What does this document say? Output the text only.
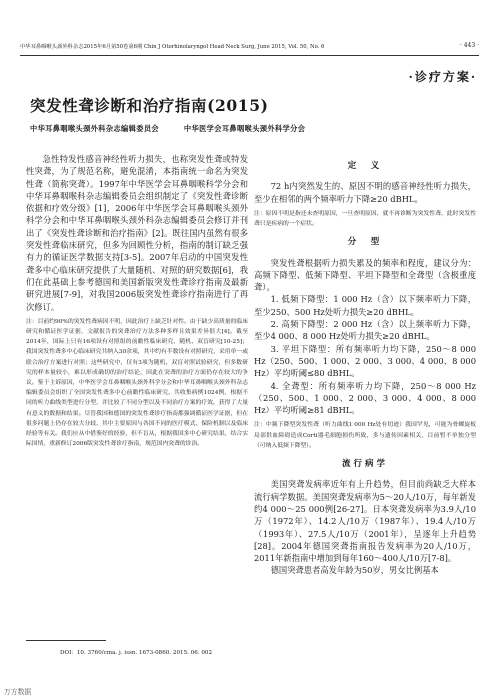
中华耳鼻咽喉头颈外科杂志2015年6月第50卷第6期 Chin J Otorhinolaryngol Head Neck Surg, June 2015, Vol. 50, No. 6	· 443 ·
·诊疗方案·
突发性聋诊断和治疗指南(2015)
中华耳鼻咽喉头颈外科杂志编辑委员会	中华医学会耳鼻咽喉头颈外科学分会

急性特发性感音神经性听力损失，也称突发性聋或特发性突聋，为了规范名称，避免混淆，本指南统一命名为突发性聋（简称突聋）。1997年中华医学会耳鼻咽喉科学分会和中华耳鼻咽喉科杂志编辑委员会组织制定了《突发性聋诊断依据和疗效分级》[1]，2006年中华医学会耳鼻咽喉头颈外科学分会和中华耳鼻咽喉头颈外科杂志编辑委员会修订并刊出了《突发性聋诊断和治疗指南》[2]。既往国内虽然有很多突发性聋临床研究，但多为回顾性分析，指南的制订缺乏强有力的循证医学数据支持[3-5]。2007年启动的中国突发性聋多中心临床研究提供了大量随机、对照的研究数据[6]，我们在此基础上参考德国和美国新版突发性聋诊疗指南及最新研究进展[7-9]，对我国2006版突发性聋诊疗指南进行了再次修订。

注：目前约90%的突发性聋病因不明，因此治疗上缺乏针对性。由于缺少高质量的临床研究和循证医学证据，文献报告的突聋治疗方法多种多样且效果差异很大[4]。截至2014年，国际上只有16项设有对照组的前瞻性临床研究，随机、双盲研究[10-25]；我国突发性聋多中心临床研究共纳入30余项，其中约有半数设有对照研究，采用单一或联合治疗方案进行对照；这些研究中，仅有3项为随机、双盲对照试验研究，但多数研究的样本量较小，难以形成确切的治疗结论，因此在突聋的治疗方面仍存在较大的争议。鉴于主诉原因，中华医学会耳鼻咽喉头颈外科学分会和中华耳鼻咽喉头颈外科杂志编辑委员会组织了全国突发性聋多中心前瞻性临床研究，共收集病例1024例，根据不同的听力曲线类型进行分型，并比较了不同分型以及不同治疗方案的疗效，获得了大量有意义的数据和结果。尽管我国和德国的突发性聋诊疗指南都强调循证医学证据，但在很多问题上仍存在较大分歧，其中主要原因与各国不同的医疗模式、保险机制以及临床经验等有关。我们应从中借鉴好的经验，但不盲从，根据我国多中心研究结果，结合实际国情，重新修订2006版突发性聋诊疗指南，规范国内突聋的诊治。

定　义

72 h内突然发生的、原因不明的感音神经性听力损失，至少在相邻的两个频率听力下降≥20 dBHL。

注：原因不明是指还未查明原因，一旦查明原因，就不再诊断为突发性聋，此时突发性聋只是疾病的一个症状。

分　型

突发性聋根据听力损失累及的频率和程度，建议分为：高频下降型、低频下降型、平坦下降型和全聋型（含极重度聋）。

1. 低频下降型：1 000 Hz（含）以下频率听力下降，至少250、500 Hz处听力损失≥20 dBHL。

2. 高频下降型：2 000 Hz（含）以上频率听力下降，至少4 000、8 000 Hz处听力损失≥20 dBHL。

3. 平坦下降型：所有频率听力均下降，250～8 000 Hz（250、500、1 000、2 000、3 000、4 000、8 000 Hz）平均听阈≤80 dBHL。

4. 全聋型：所有频率听力均下降，250～8 000 Hz（250、500、1 000、2 000、3 000、4 000、8 000 Hz）平均听阈≥81 dBHL。

注：中频下降型突发性聋（听力曲线1 000 Hz处有切迹）我国罕见，可能为骨螺旋板局部供血障碍造成Corti器毛细胞损伤所致，多与遗传因素相关，目前暂不单独分型（可纳入低频下降型）。

流行病学

美国突聋发病率近年有上升趋势，但目前尚缺乏大样本流行病学数据。美国突聋发病率为5～20人/10万，每年新发约4 000～25 000例[26-27]。日本突聋发病率为3.9人/10万（1972年）、14.2人/10万（1987年）、19.4人/10万（1993年）、27.5人/10万（2001年），呈逐年上升趋势[28]。2004年德国突聋指南报告发病率为20人/10万，2011年新指南中增加到每年160～400人/10万[7-8]。

德国突聋患者高发年龄为50岁，男女比例基本

DOI：10. 3760/cma. j. issn. 1673-0860. 2015. 06. 002
万方数据
